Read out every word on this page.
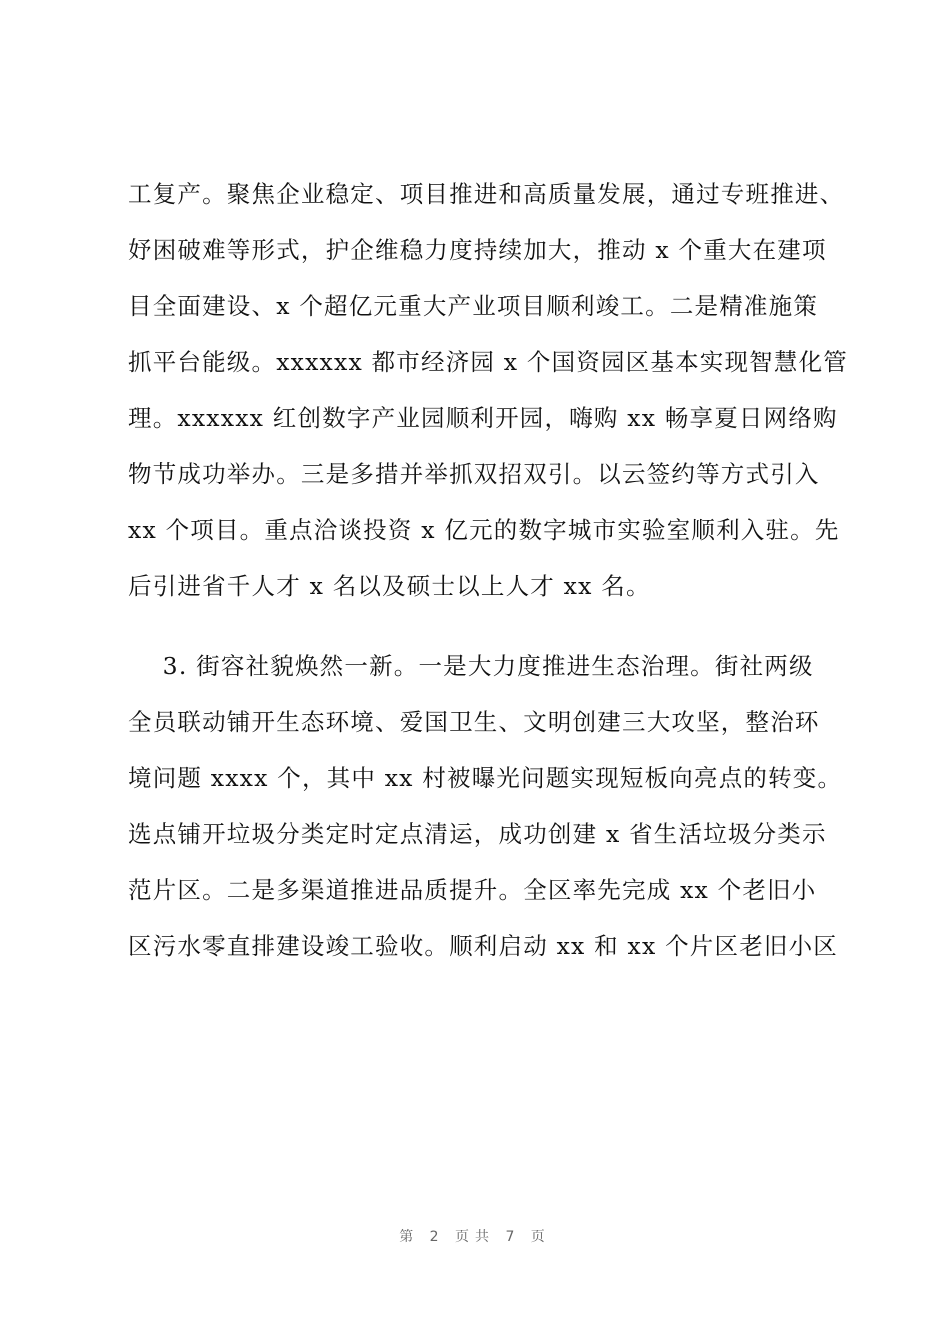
工复产。聚焦企业稳定、项目推进和高质量发展，通过专班推进、
妤困破难等形式，护企维稳力度持续加大，推动 x 个重大在建项
目全面建设、x 个超亿元重大产业项目顺利竣工。二是精准施策
抓平台能级。xxxxxx 都市经济园 x 个国资园区基本实现智慧化管
理。xxxxxx 红创数字产业园顺利开园，嗨购 xx 畅享夏日网络购
物节成功举办。三是多措并举抓双招双引。以云签约等方式引入
xx 个项目。重点洽谈投资 x 亿元的数字城市实验室顺利入驻。先
后引进省千人才 x 名以及硕士以上人才 xx 名。
3. 街容社貌焕然一新。一是大力度推进生态治理。街社两级
全员联动铺开生态环境、爱国卫生、文明创建三大攻坚，整治环
境问题 xxxx 个，其中 xx 村被曝光问题实现短板向亮点的转变。
选点铺开垃圾分类定时定点清运，成功创建 x 省生活垃圾分类示
范片区。二是多渠道推进品质提升。全区率先完成 xx 个老旧小
区污水零直排建设竣工验收。顺利启动 xx 和 xx 个片区老旧小区
第 2 页共 7 页
